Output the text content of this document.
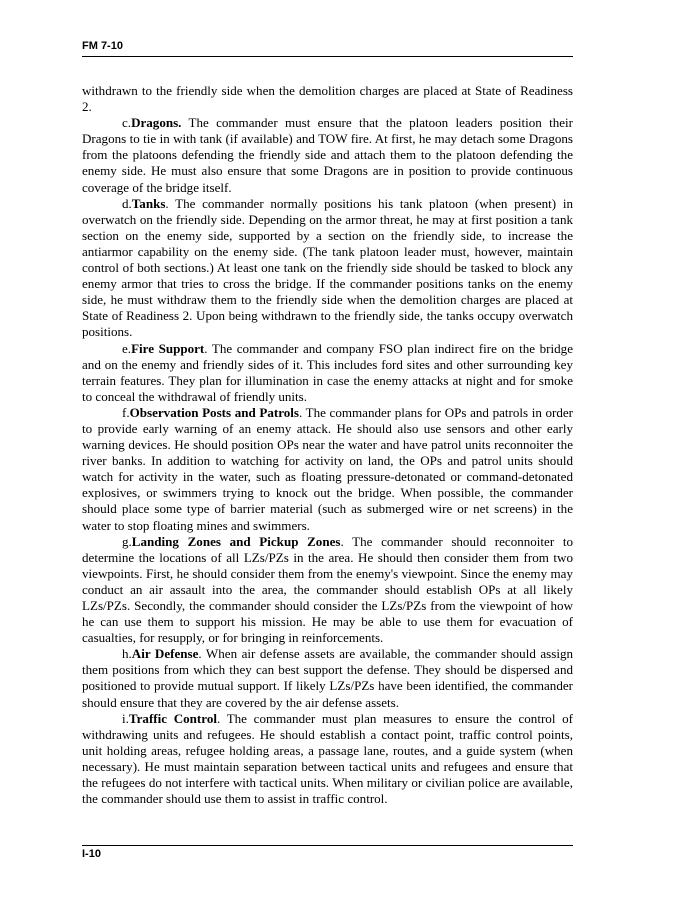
FM 7-10

withdrawn to the friendly side when the demolition charges are placed at State of Readiness 2.

c.Dragons. The commander must ensure that the platoon leaders position their Dragons to tie in with tank (if available) and TOW fire. At first, he may detach some Dragons from the platoons defending the friendly side and attach them to the platoon defending the enemy side. He must also ensure that some Dragons are in position to provide continuous coverage of the bridge itself.

d.Tanks. The commander normally positions his tank platoon (when present) in overwatch on the friendly side. Depending on the armor threat, he may at first position a tank section on the enemy side, supported by a section on the friendly side, to increase the antiarmor capability on the enemy side. (The tank platoon leader must, however, maintain control of both sections.) At least one tank on the friendly side should be tasked to block any enemy armor that tries to cross the bridge. If the commander positions tanks on the enemy side, he must withdraw them to the friendly side when the demolition charges are placed at State of Readiness 2. Upon being withdrawn to the friendly side, the tanks occupy overwatch positions.

e.Fire Support. The commander and company FSO plan indirect fire on the bridge and on the enemy and friendly sides of it. This includes ford sites and other surrounding key terrain features. They plan for illumination in case the enemy attacks at night and for smoke to conceal the withdrawal of friendly units.

f.Observation Posts and Patrols. The commander plans for OPs and patrols in order to provide early warning of an enemy attack. He should also use sensors and other early warning devices. He should position OPs near the water and have patrol units reconnoiter the river banks. In addition to watching for activity on land, the OPs and patrol units should watch for activity in the water, such as floating pressure-detonated or command-detonated explosives, or swimmers trying to knock out the bridge. When possible, the commander should place some type of barrier material (such as submerged wire or net screens) in the water to stop floating mines and swimmers.

g.Landing Zones and Pickup Zones. The commander should reconnoiter to determine the locations of all LZs/PZs in the area. He should then consider them from two viewpoints. First, he should consider them from the enemy's viewpoint. Since the enemy may conduct an air assault into the area, the commander should establish OPs at all likely LZs/PZs. Secondly, the commander should consider the LZs/PZs from the viewpoint of how he can use them to support his mission. He may be able to use them for evacuation of casualties, for resupply, or for bringing in reinforcements.

h.Air Defense. When air defense assets are available, the commander should assign them positions from which they can best support the defense. They should be dispersed and positioned to provide mutual support. If likely LZs/PZs have been identified, the commander should ensure that they are covered by the air defense assets.

i.Traffic Control. The commander must plan measures to ensure the control of withdrawing units and refugees. He should establish a contact point, traffic control points, unit holding areas, refugee holding areas, a passage lane, routes, and a guide system (when necessary). He must maintain separation between tactical units and refugees and ensure that the refugees do not interfere with tactical units. When military or civilian police are available, the commander should use them to assist in traffic control.

I-10
